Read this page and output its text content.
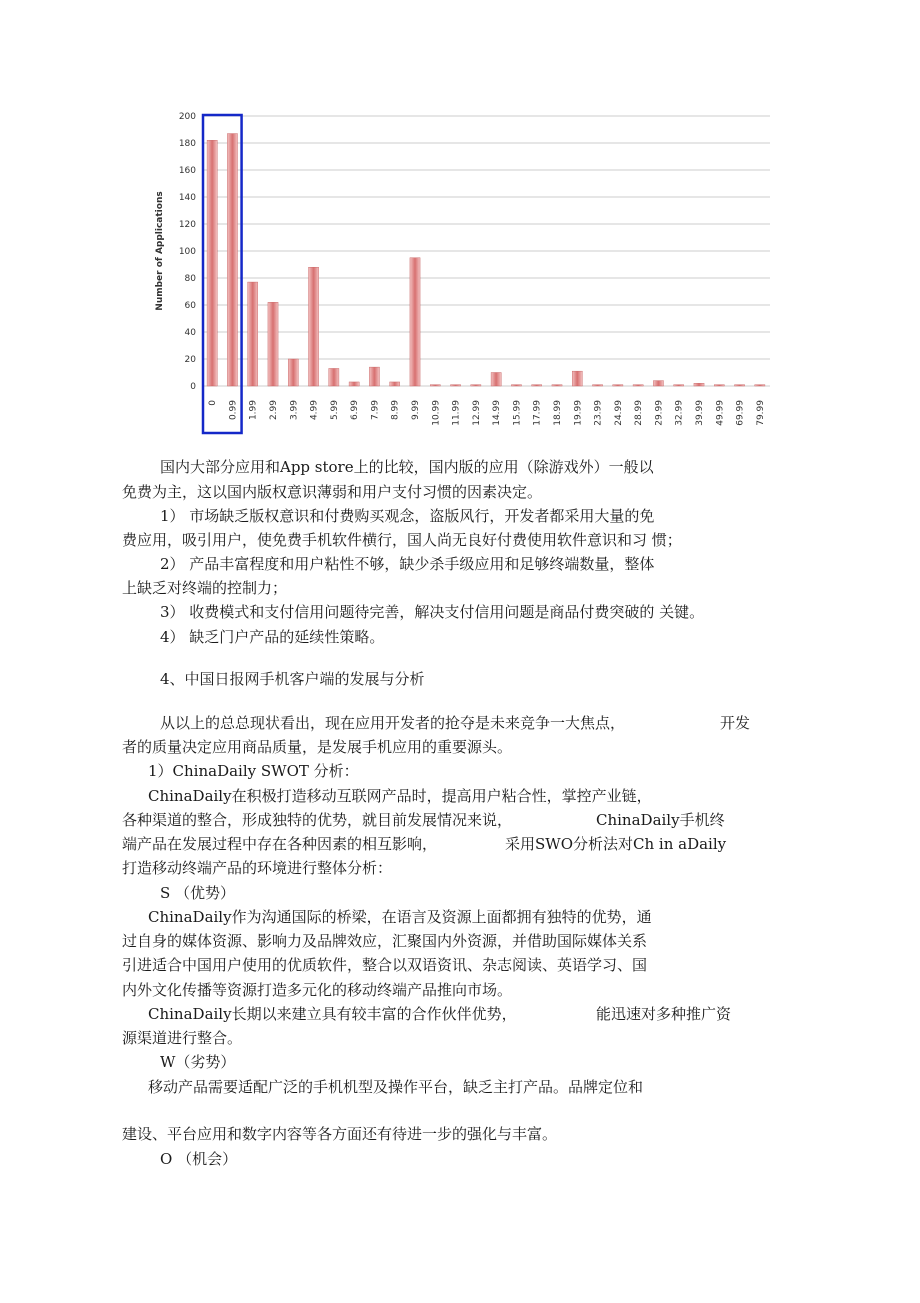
0
20
40
60
80
100
120
140
160
180
200
Number of Applications
0 0.99 1.99 2.99 3.99 4.99 5.99 6.99 7.99 8.99 9.99 10.99 11.99 12.99 14.99 15.99 17.99 18.99 19.99 23.99 24.99 28.99 29.99 32.99 39.99 49.99 69.99 79.99

国内大部分应用和App store上的比较，国内版的应用（除游戏外）一般以

免费为主，这以国内版权意识薄弱和用户支付习惯的因素决定。

1） 市场缺乏版权意识和付费购买观念，盗版风行，开发者都采用大量的免

费应用，吸引用户，使免费手机软件横行，国人尚无良好付费使用软件意识和习 惯；

2） 产品丰富程度和用户粘性不够，缺少杀手级应用和足够终端数量，整体

上缺乏对终端的控制力；

3） 收费模式和支付信用问题待完善，解决支付信用问题是商品付费突破的 关键。

4） 缺乏门户产品的延续性策略。

4、中国日报网手机客户端的发展与分析

从以上的总总现状看出，现在应用开发者的抢夺是未来竞争一大焦点，	开发

者的质量决定应用商品质量，是发展手机应用的重要源头。

1）ChinaDaily SWOT 分析：

ChinaDaily在积极打造移动互联网产品时，提高用户粘合性，掌控产业链，

各种渠道的整合，形成独特的优势，就目前发展情况来说，	ChinaDaily手机终

端产品在发展过程中存在各种因素的相互影响，	采用SWO分析法对Ch in aDaily

打造移动终端产品的环境进行整体分析：

S （优势）

ChinaDaily作为沟通国际的桥梁，在语言及资源上面都拥有独特的优势，通

过自身的媒体资源、影响力及品牌效应，汇聚国内外资源，并借助国际媒体关系

引进适合中国用户使用的优质软件，整合以双语资讯、杂志阅读、英语学习、国

内外文化传播等资源打造多元化的移动终端产品推向市场。

ChinaDaily长期以来建立具有较丰富的合作伙伴优势，	能迅速对多种推广资

源渠道进行整合。

W（劣势）

移动产品需要适配广泛的手机机型及操作平台，缺乏主打产品。品牌定位和

建设、平台应用和数字内容等各方面还有待进一步的强化与丰富。

O （机会）
